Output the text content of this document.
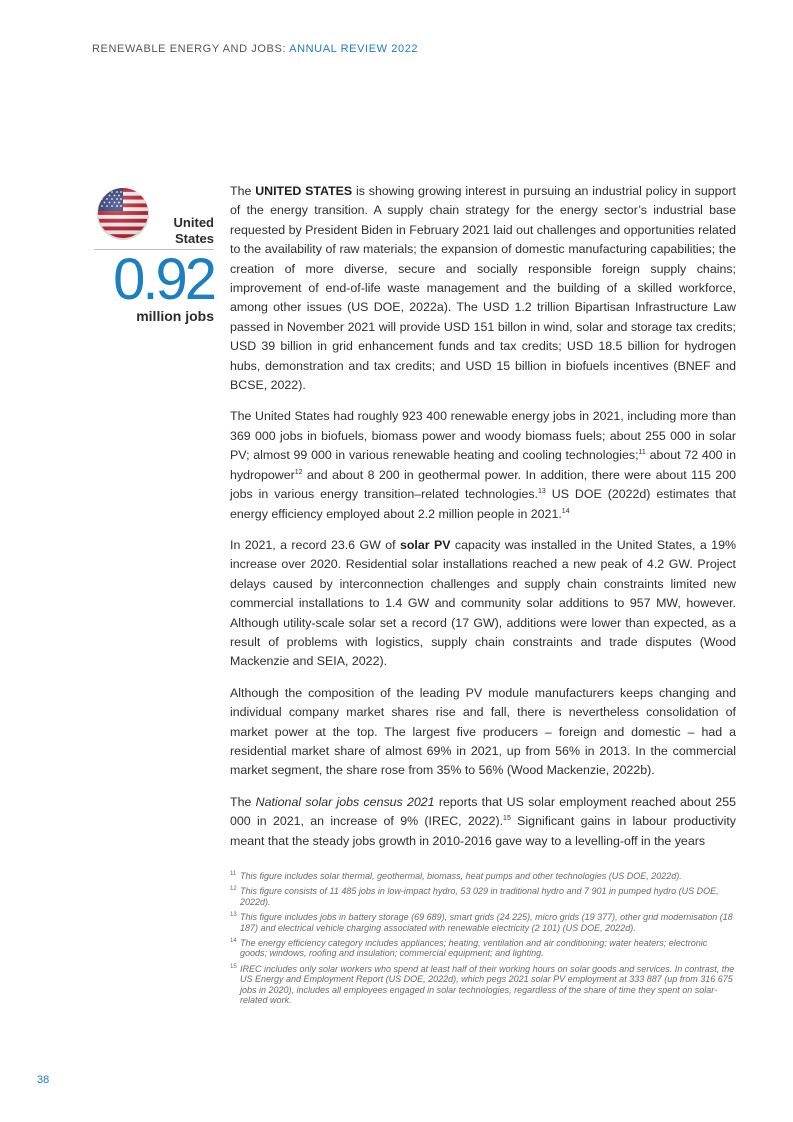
RENEWABLE ENERGY AND JOBS: ANNUAL REVIEW 2022
United
States
0.92
million jobs

The UNITED STATES is showing growing interest in pursuing an industrial policy in support of the energy transition. A supply chain strategy for the energy sector’s industrial base requested by President Biden in February 2021 laid out challenges and opportunities related to the availability of raw materials; the expansion of domestic manufacturing capabilities; the creation of more diverse, secure and socially responsible foreign supply chains; improvement of end-of-life waste management and the building of a skilled workforce, among other issues (US DOE, 2022a). The USD 1.2 trillion Bipartisan Infrastructure Law passed in November 2021 will provide USD 151 billon in wind, solar and storage tax credits; USD 39 billion in grid enhancement funds and tax credits; USD 18.5 billion for hydrogen hubs, demonstration and tax credits; and USD 15 billion in biofuels incentives (BNEF and BCSE, 2022).

The United States had roughly 923 400 renewable energy jobs in 2021, including more than 369 000 jobs in biofuels, biomass power and woody biomass fuels; about 255 000 in solar PV; almost 99 000 in various renewable heating and cooling technologies;$^{11}$ about 72 400 in hydropower$^{12}$ and about 8 200 in geothermal power. In addition, there were about 115 200 jobs in various energy transition–related technologies.$^{13}$ US DOE (2022d) estimates that energy efficiency employed about 2.2 million people in 2021.14

In 2021, a record 23.6 GW of solar PV capacity was installed in the United States, a 19% increase over 2020. Residential solar installations reached a new peak of 4.2 GW. Project delays caused by interconnection challenges and supply chain constraints limited new commercial installations to 1.4 GW and community solar additions to 957 MW, however. Although utility-scale solar set a record (17 GW), additions were lower than expected, as a result of problems with logistics, supply chain constraints and trade disputes (Wood Mackenzie and SEIA, 2022).

Although the composition of the leading PV module manufacturers keeps changing and individual company market shares rise and fall, there is nevertheless consolidation of market power at the top. The largest five producers – foreign and domestic – had a residential market share of almost 69% in 2021, up from 56% in 2013. In the commercial market segment, the share rose from 35% to 56% (Wood Mackenzie, 2022b).

The National solar jobs census 2021 reports that US solar employment reached about 255 000 in 2021, an increase of 9% (IREC, 2022).$^{15}$ Significant gains in labour productivity meant that the steady jobs growth in 2010-2016 gave way to a levelling-off in the years

11 This figure includes solar thermal, geothermal, biomass, heat pumps and other technologies (US DOE, 2022d).
12 This figure consists of 11 485 jobs in low-impact hydro, 53 029 in traditional hydro and 7 901 in pumped hydro (US DOE, 2022d).
13 This figure includes jobs in battery storage (69 689), smart grids (24 225), micro grids (19 377), other grid modernisation (18 187) and electrical vehicle charging associated with renewable electricity (2 101) (US DOE, 2022d).
14 The energy efficiency category includes appliances; heating, ventilation and air conditioning; water heaters; electronic goods; windows, roofing and insulation; commercial equipment; and lighting.
15 IREC includes only solar workers who spend at least half of their working hours on solar goods and services. In contrast, the US Energy and Employment Report (US DOE, 2022d), which pegs 2021 solar PV employment at 333 887 (up from 316 675 jobs in 2020), includes all employees engaged in solar technologies, regardless of the share of time they spent on solar-related work.
38
